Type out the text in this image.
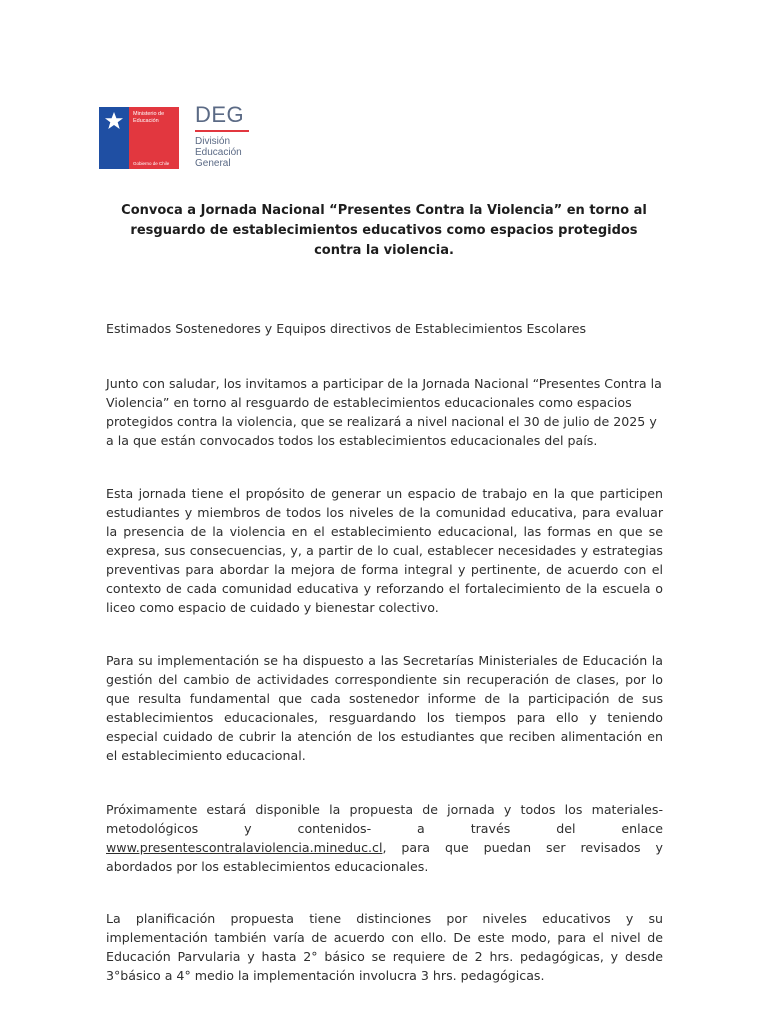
Ministerio de
Educación
Gobierno de Chile
DEG
División
Educación
General
Convoca a Jornada Nacional “Presentes Contra la Violencia” en torno al resguardo de establecimientos educativos como espacios protegidos contra la violencia.

Estimados Sostenedores y Equipos directivos de Establecimientos Escolares

Junto con saludar, los invitamos a participar de la Jornada Nacional “Presentes Contra la Violencia” en torno al resguardo de establecimientos educacionales como espacios protegidos contra la violencia, que se realizará a nivel nacional el 30 de julio de 2025 y a la que están convocados todos los establecimientos educacionales del país.

Esta jornada tiene el propósito de generar un espacio de trabajo en la que participen estudiantes y miembros de todos los niveles de la comunidad educativa, para evaluar la presencia de la violencia en el establecimiento educacional, las formas en que se expresa, sus consecuencias, y, a partir de lo cual, establecer necesidades y estrategias preventivas para abordar la mejora de forma integral y pertinente, de acuerdo con el contexto de cada comunidad educativa y reforzando el fortalecimiento de la escuela o liceo como espacio de cuidado y bienestar colectivo.

Para su implementación se ha dispuesto a las Secretarías Ministeriales de Educación la gestión del cambio de actividades correspondiente sin recuperación de clases, por lo que resulta fundamental que cada sostenedor informe de la participación de sus establecimientos educacionales, resguardando los tiempos para ello y teniendo especial cuidado de cubrir la atención de los estudiantes que reciben alimentación en el establecimiento educacional.

Próximamente estará disponible la propuesta de jornada y todos los materiales-metodológicos y contenidos- a través del enlace www.presentescontralaviolencia.mineduc.cl, para que puedan ser revisados y abordados por los establecimientos educacionales.

La planificación propuesta tiene distinciones por niveles educativos y su implementación también varía de acuerdo con ello. De este modo, para el nivel de Educación Parvularia y hasta 2° básico se requiere de 2 hrs. pedagógicas, y desde 3°básico a 4° medio la implementación involucra 3 hrs. pedagógicas.
